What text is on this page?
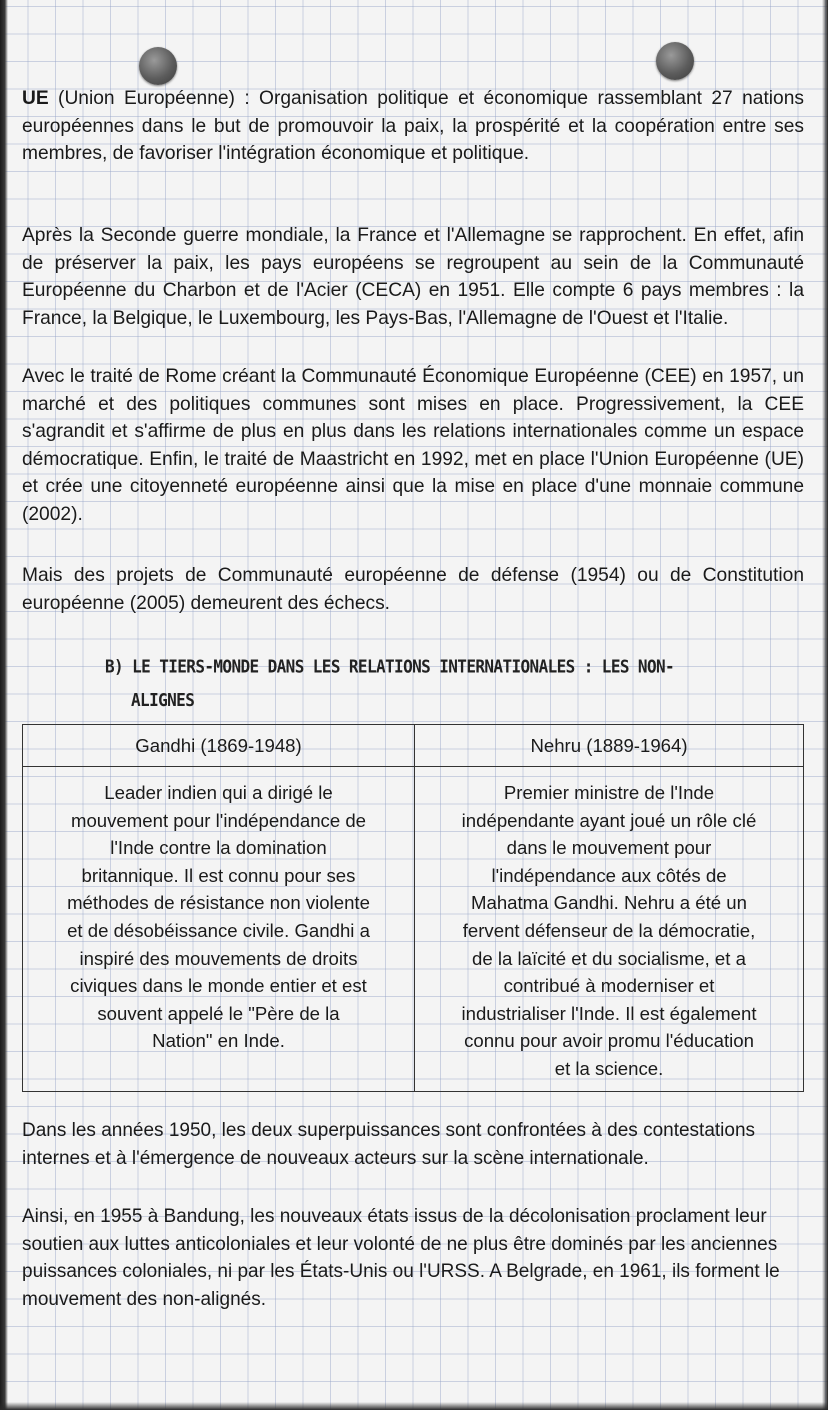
UE (Union Européenne) : Organisation politique et économique rassemblant 27 nations européennes dans le but de promouvoir la paix, la prospérité et la coopération entre ses membres, de favoriser l'intégration économique et politique.

Après la Seconde guerre mondiale, la France et l'Allemagne se rapprochent. En effet, afin de préserver la paix, les pays européens se regroupent au sein de la Communauté Européenne du Charbon et de l'Acier (CECA) en 1951. Elle compte 6 pays membres : la France, la Belgique, le Luxembourg, les Pays-Bas, l'Allemagne de l'Ouest et l'Italie.

Avec le traité de Rome créant la Communauté Économique Européenne (CEE) en 1957, un marché et des politiques communes sont mises en place. Progressivement, la CEE s'agrandit et s'affirme de plus en plus dans les relations internationales comme un espace démocratique. Enfin, le traité de Maastricht en 1992, met en place l'Union Européenne (UE) et crée une citoyenneté européenne ainsi que la mise en place d'une monnaie commune (2002).

Mais des projets de Communauté européenne de défense (1954) ou de Constitution européenne (2005) demeurent des échecs.

B) LE TIERS-MONDE DANS LES RELATIONS INTERNATIONALES : LES NON-
ALIGNES
Gandhi (1869-1948)	Nehru (1889-1964)
Leader indien qui a dirigé le
mouvement pour l'indépendance de
l'Inde contre la domination
britannique. Il est connu pour ses
méthodes de résistance non violente
et de désobéissance civile. Gandhi a
inspiré des mouvements de droits
civiques dans le monde entier et est
souvent appelé le "Père de la
Nation" en Inde.
Premier ministre de l'Inde
indépendante ayant joué un rôle clé
dans le mouvement pour
l'indépendance aux côtés de
Mahatma Gandhi. Nehru a été un
fervent défenseur de la démocratie,
de la laïcité et du socialisme, et a
contribué à moderniser et
industrialiser l'Inde. Il est également
connu pour avoir promu l'éducation
et la science.

Dans les années 1950, les deux superpuissances sont confrontées à des contestations internes et à l'émergence de nouveaux acteurs sur la scène internationale.

Ainsi, en 1955 à Bandung, les nouveaux états issus de la décolonisation proclament leur soutien aux luttes anticoloniales et leur volonté de ne plus être dominés par les anciennes puissances coloniales, ni par les États-Unis ou l'URSS. A Belgrade, en 1961, ils forment le mouvement des non-alignés.
